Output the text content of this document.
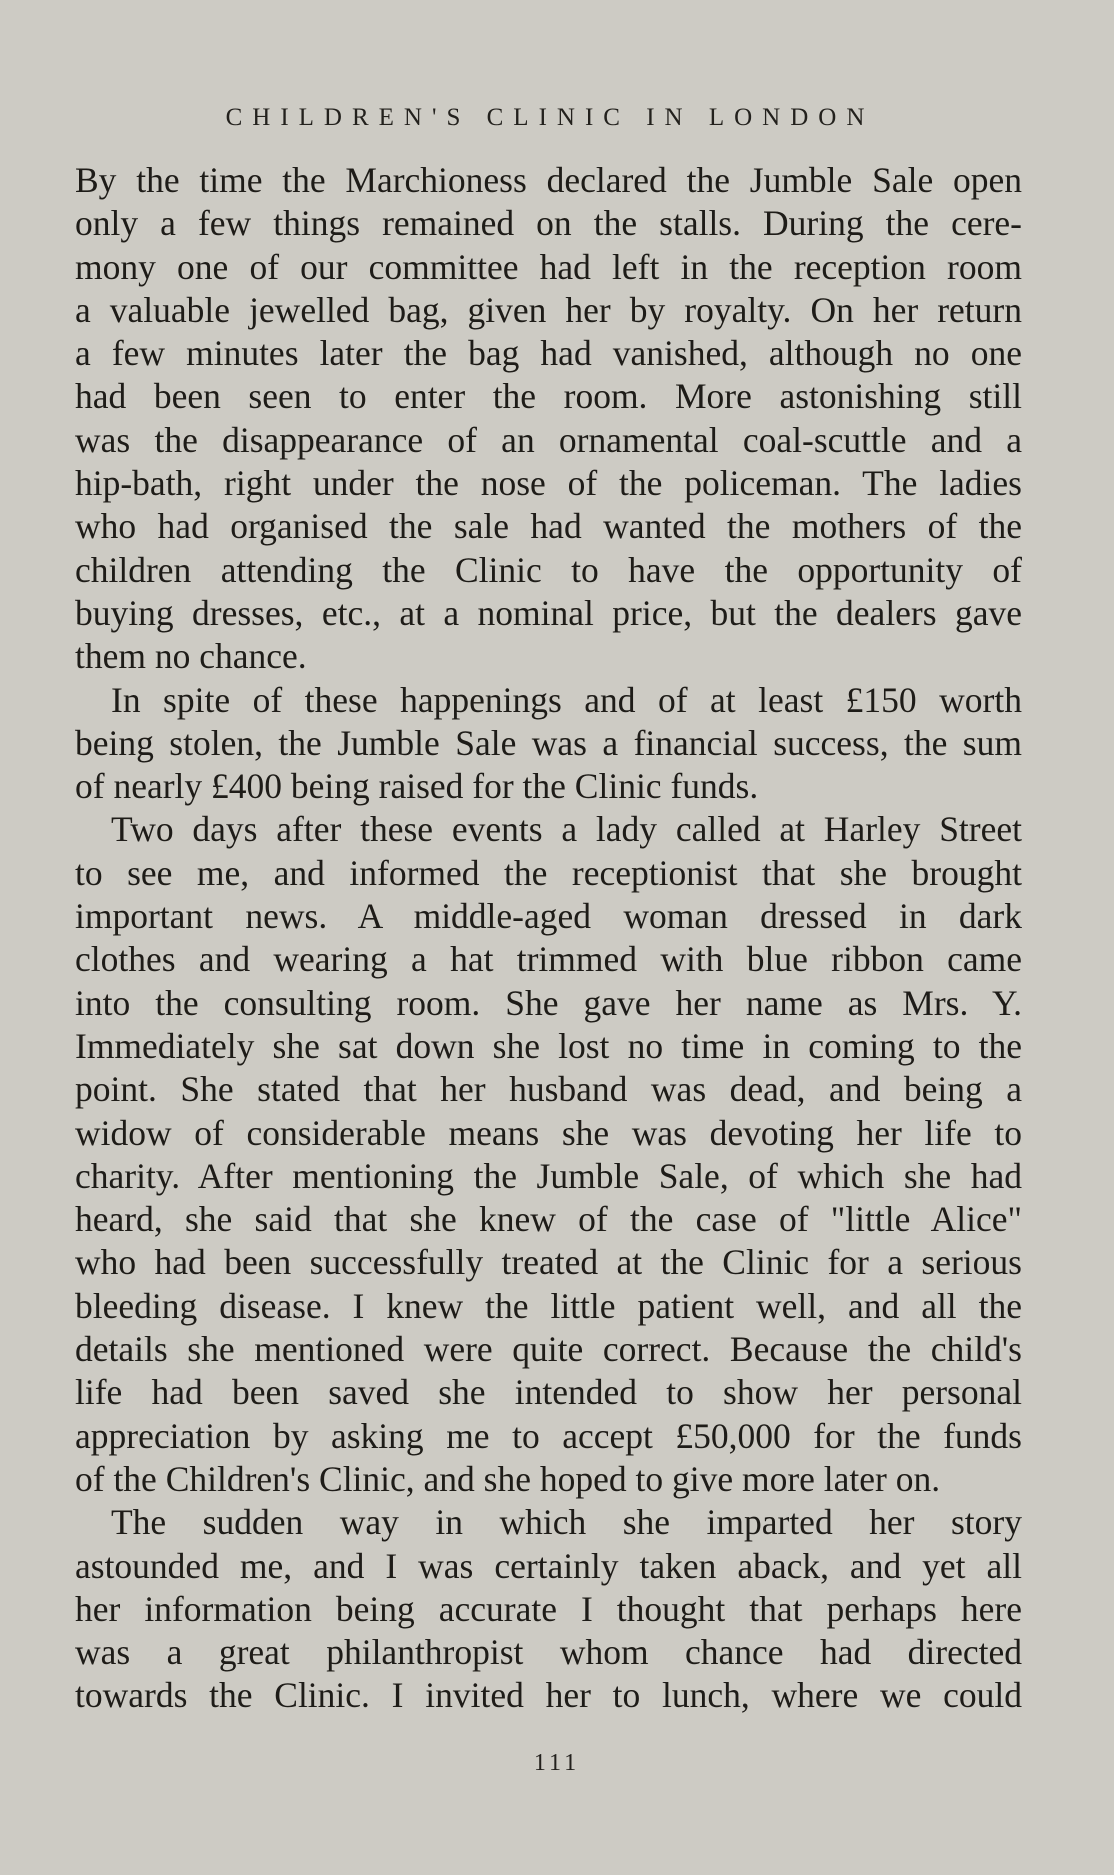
CHILDREN'S CLINIC IN LONDON
By the time the Marchioness declared the Jumble Sale open
only a few things remained on the stalls. During the cere-
mony one of our committee had left in the reception room
a valuable jewelled bag, given her by royalty. On her return
a few minutes later the bag had vanished, although no one
had been seen to enter the room. More astonishing still
was the disappearance of an ornamental coal-scuttle and a
hip-bath, right under the nose of the policeman. The ladies
who had organised the sale had wanted the mothers of the
children attending the Clinic to have the opportunity of
buying dresses, etc., at a nominal price, but the dealers gave
them no chance.
In spite of these happenings and of at least £150 worth
being stolen, the Jumble Sale was a financial success, the sum
of nearly £400 being raised for the Clinic funds.
Two days after these events a lady called at Harley Street
to see me, and informed the receptionist that she brought
important news. A middle-aged woman dressed in dark
clothes and wearing a hat trimmed with blue ribbon came
into the consulting room. She gave her name as Mrs. Y.
Immediately she sat down she lost no time in coming to the
point. She stated that her husband was dead, and being a
widow of considerable means she was devoting her life to
charity. After mentioning the Jumble Sale, of which she had
heard, she said that she knew of the case of "little Alice"
who had been successfully treated at the Clinic for a serious
bleeding disease. I knew the little patient well, and all the
details she mentioned were quite correct. Because the child's
life had been saved she intended to show her personal
appreciation by asking me to accept £50,000 for the funds
of the Children's Clinic, and she hoped to give more later on.
The sudden way in which she imparted her story
astounded me, and I was certainly taken aback, and yet all
her information being accurate I thought that perhaps here
was a great philanthropist whom chance had directed
towards the Clinic. I invited her to lunch, where we could
111
